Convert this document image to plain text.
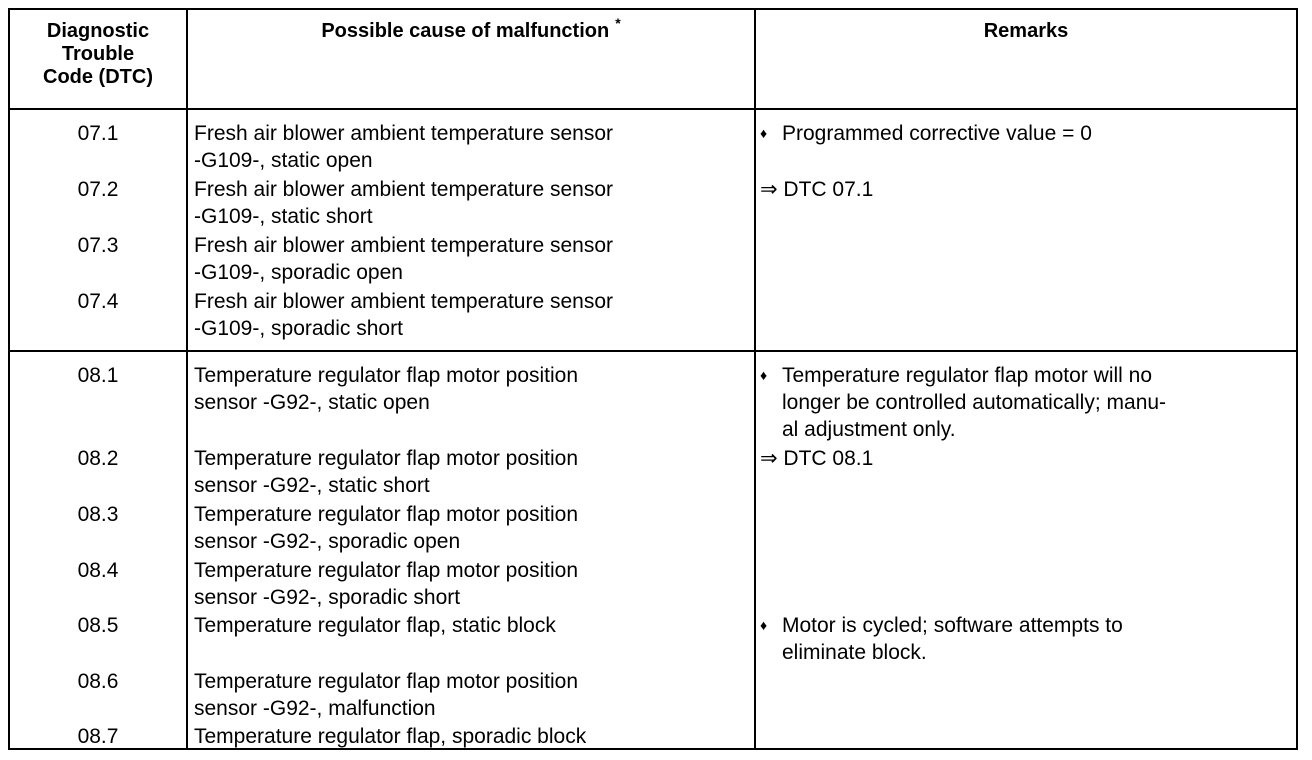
Diagnostic
Trouble
Code (DTC)
Possible cause of malfunction *	Remarks
07.1
07.2
07.3
07.4
Fresh air blower ambient temperature sensor
-G109-, static open
Fresh air blower ambient temperature sensor
-G109-, static short
Fresh air blower ambient temperature sensor
-G109-, sporadic open
Fresh air blower ambient temperature sensor
-G109-, sporadic short
♦ Programmed corrective value = 0
⇒ DTC 07.1
08.1
08.2
08.3
08.4
08.5
08.6
08.7
Temperature regulator flap motor position
sensor -G92-, static open
Temperature regulator flap motor position
sensor -G92-, static short
Temperature regulator flap motor position
sensor -G92-, sporadic open
Temperature regulator flap motor position
sensor -G92-, sporadic short
Temperature regulator flap, static block
Temperature regulator flap motor position
sensor -G92-, malfunction
Temperature regulator flap, sporadic block
♦ Temperature regulator flap motor will no
longer be controlled automatically; manu-
al adjustment only.
⇒ DTC 08.1
♦ Motor is cycled; software attempts to
eliminate block.
